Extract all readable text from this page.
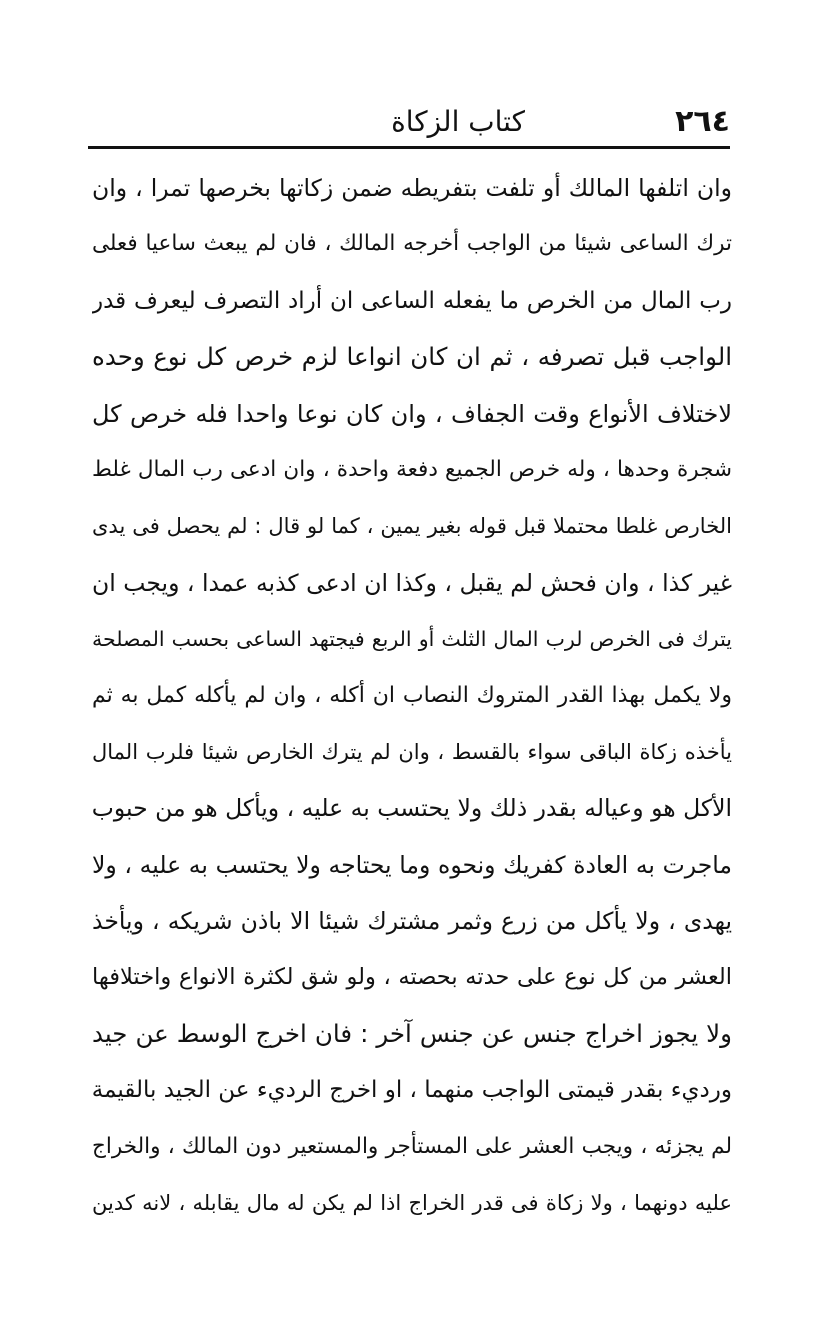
٢٦٤
كتاب الزكاة
وان اتلفها المالك أو تلفت بتفريطه ضمن زكاتها بخرصها تمرا ، وان
ترك الساعى شيئا من الواجب أخرجه المالك ، فان لم يبعث ساعيا فعلى
رب المال من الخرص ما يفعله الساعى ان أراد التصرف ليعرف قدر
الواجب قبل تصرفه ، ثم ان كان انواعا لزم خرص كل نوع وحده
لاختلاف الأنواع وقت الجفاف ، وان كان نوعا واحدا فله خرص كل
شجرة وحدها ، وله خرص الجميع دفعة واحدة ، وان ادعى رب المال غلط
الخارص غلطا محتملا قبل قوله بغير يمين ، كما لو قال : لم يحصل فى يدى
غير كذا ، وان فحش لم يقبل ، وكذا ان ادعى كذبه عمدا ، ويجب ان
يترك فى الخرص لرب المال الثلث أو الربع فيجتهد الساعى بحسب المصلحة
ولا يكمل بهذا القدر المتروك النصاب ان أكله ، وان لم يأكله كمل به ثم
يأخذه زكاة الباقى سواء بالقسط ، وان لم يترك الخارص شيئا فلرب المال
الأكل هو وعياله بقدر ذلك ولا يحتسب به عليه ، ويأكل هو من حبوب
ماجرت به العادة كفريك ونحوه وما يحتاجه ولا يحتسب به عليه ، ولا
يهدى ، ولا يأكل من زرع وثمر مشترك شيئا الا باذن شريكه ، ويأخذ
العشر من كل نوع على حدته بحصته ، ولو شق لكثرة الانواع واختلافها
ولا يجوز اخراج جنس عن جنس آخر : فان اخرج الوسط عن جيد
ورديء بقدر قيمتى الواجب منهما ، او اخرج الرديء عن الجيد بالقيمة
لم يجزئه ، ويجب العشر على المستأجر والمستعير دون المالك ، والخراج
عليه دونهما ، ولا زكاة فى قدر الخراج اذا لم يكن له مال يقابله ، لانه كدين
